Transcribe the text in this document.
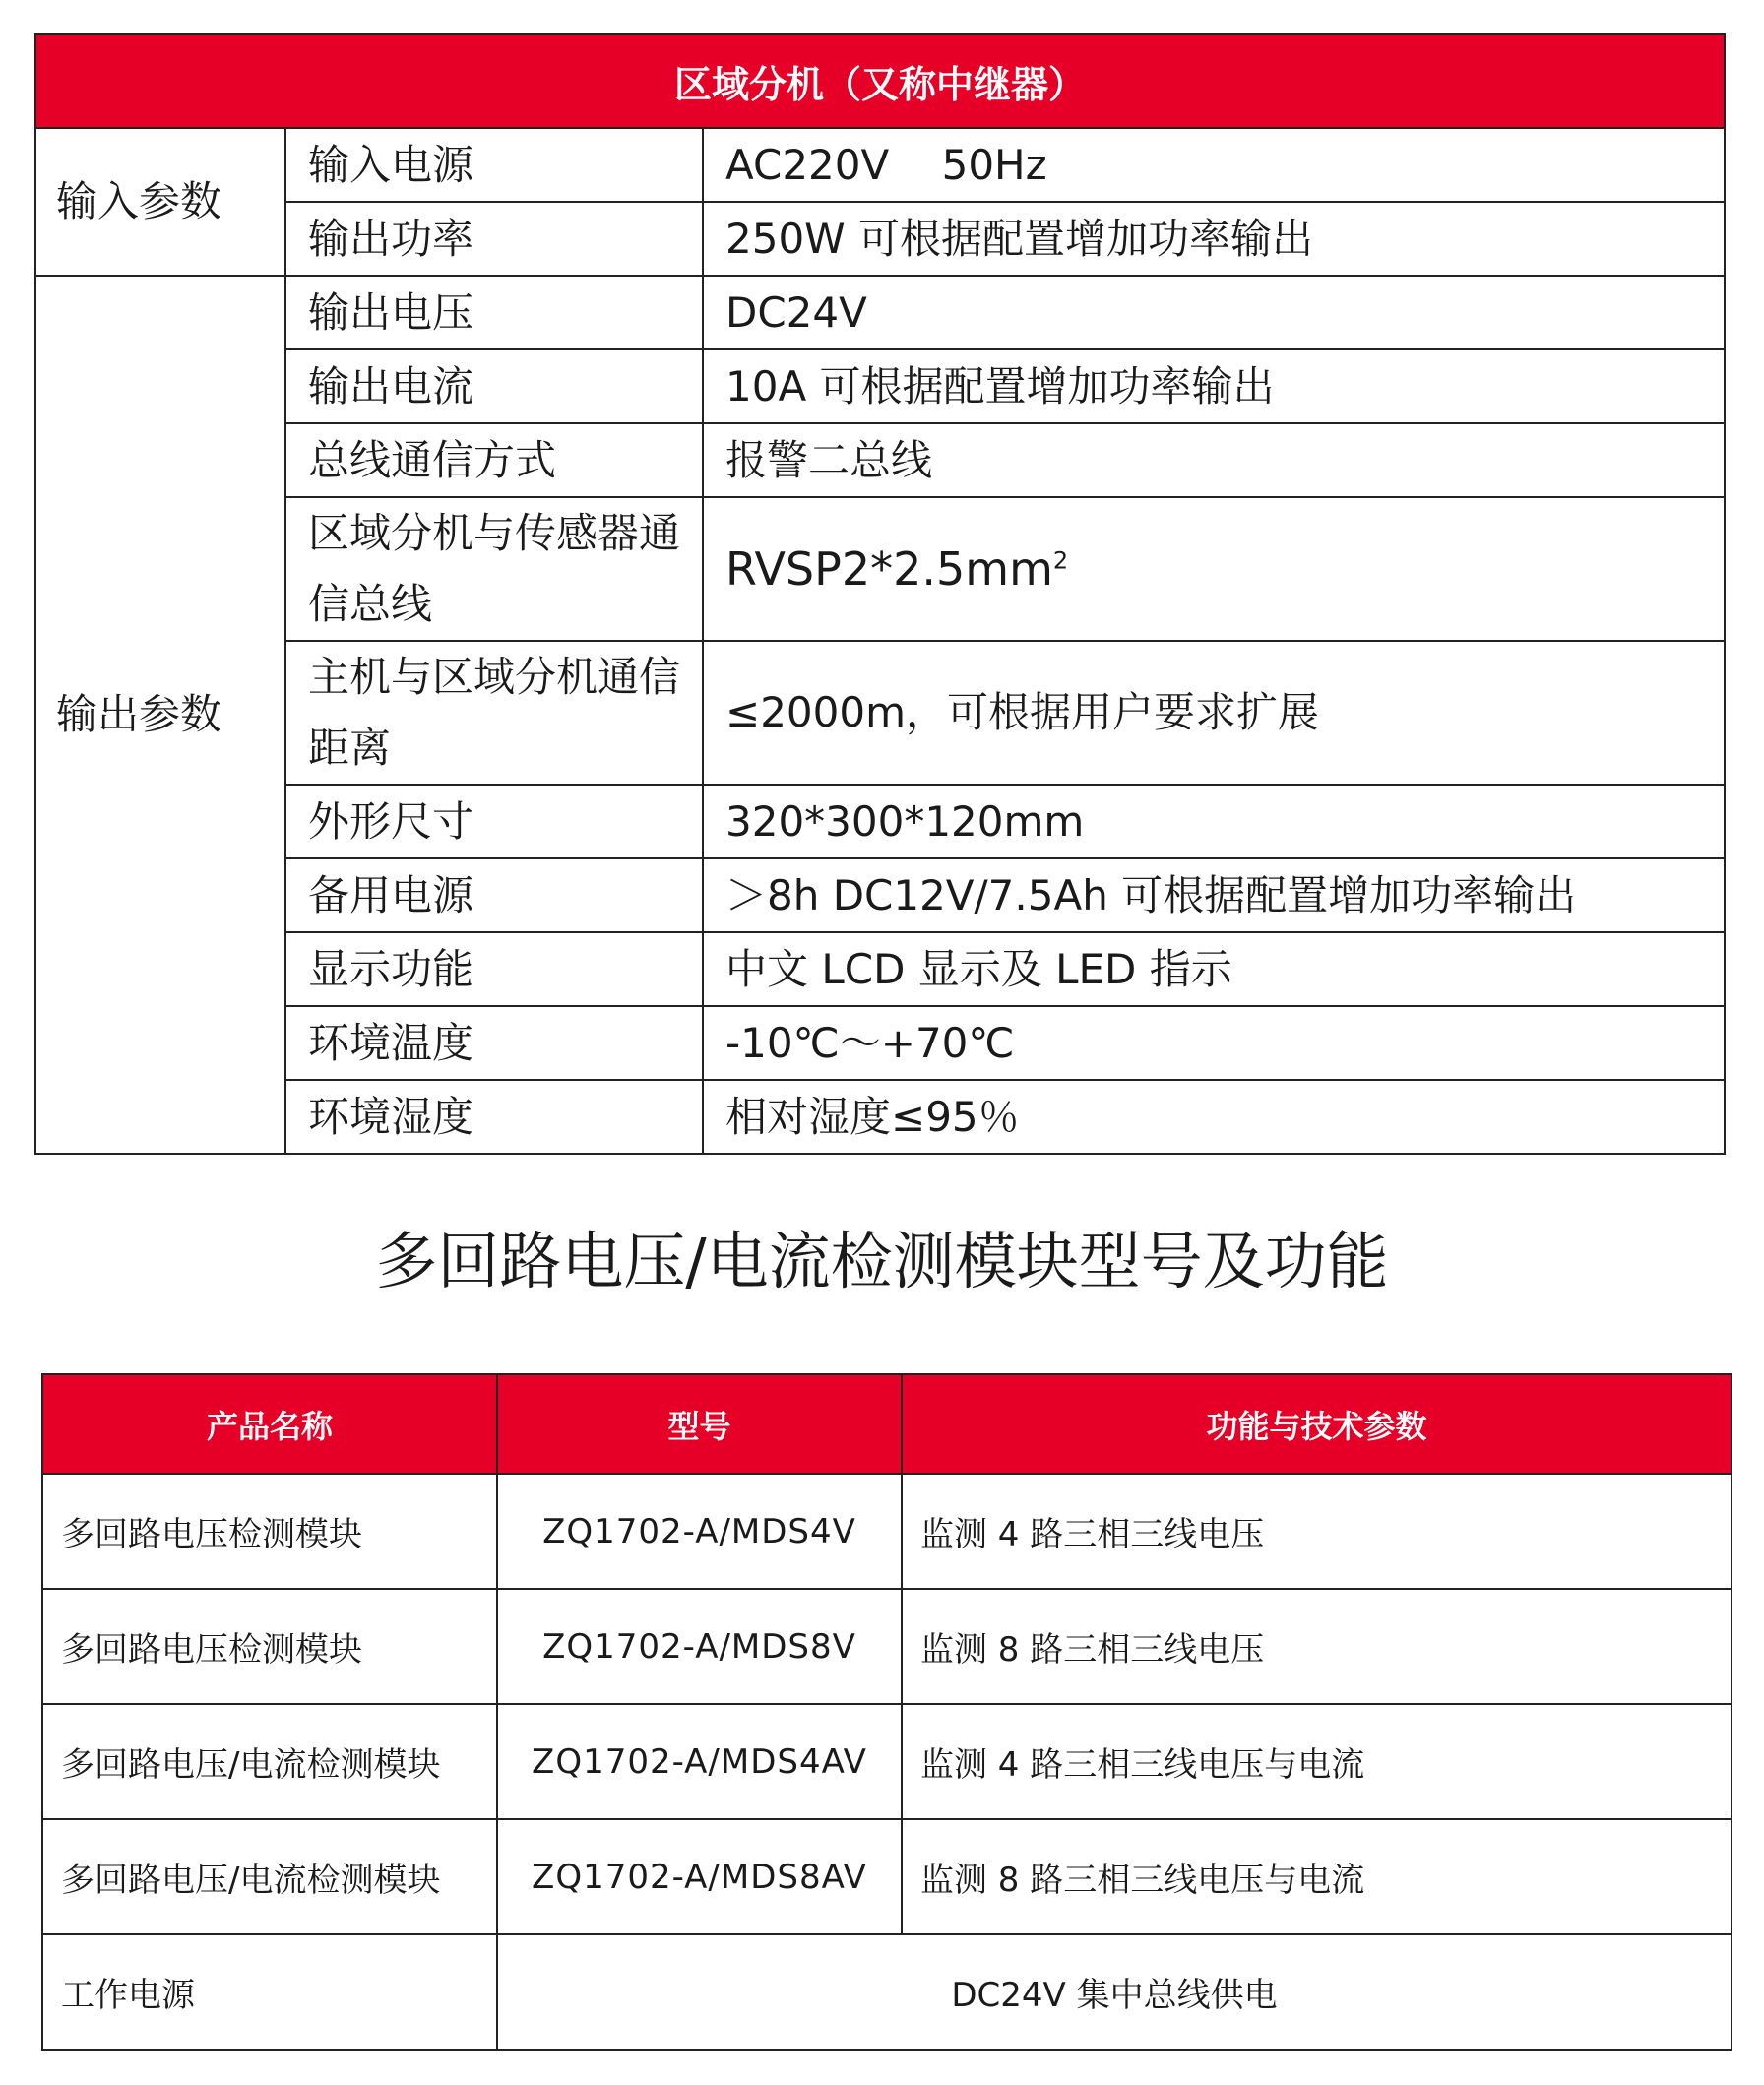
区域分机（又称中继器）		
输入参数	输入电源	AC220V    50Hz
	输出功率	250W 可根据配置增加功率输出
输出参数	输出电压	DC24V
	输出电流	10A 可根据配置增加功率输出
	总线通信方式	报警二总线
	区域分机与传感器通信总线	$RVSP2*2.5mm^2$
	主机与区域分机通信距离	≤2000m，可根据用户要求扩展
	外形尺寸	320*300*120mm
	备用电源	＞8h DC12V/7.5Ah 可根据配置增加功率输出
	显示功能	中文 LCD 显示及 LED 指示
	环境温度	-10℃～+70℃
	环境湿度	相对湿度≤95％
多回路电压/电流检测模块型号及功能
产品名称	型号	功能与技术参数
多回路电压检测模块	ZQ1702-A/MDS4V	监测 4 路三相三线电压
多回路电压检测模块	ZQ1702-A/MDS8V	监测 8 路三相三线电压
多回路电压/电流检测模块	ZQ1702-A/MDS4AV	监测 4 路三相三线电压与电流
多回路电压/电流检测模块	ZQ1702-A/MDS8AV	监测 8 路三相三线电压与电流
工作电源	DC24V 集中总线供电	
